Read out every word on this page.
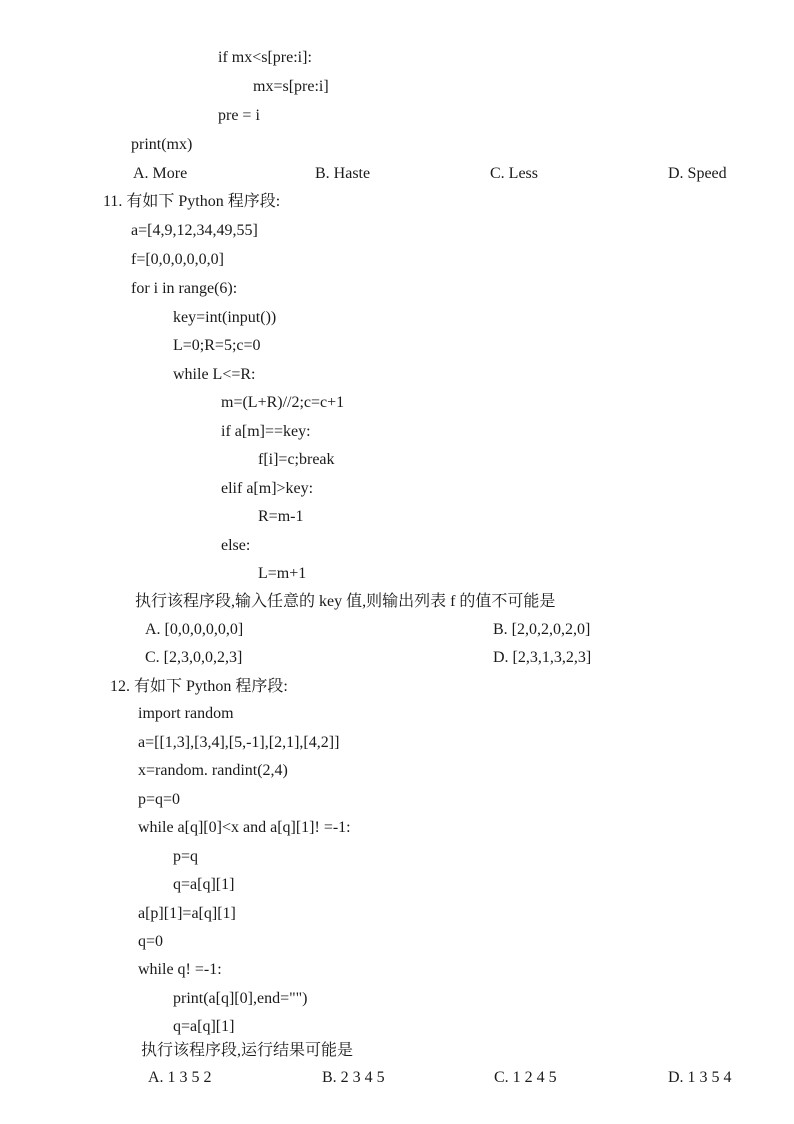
if mx<s[pre:i]:
mx=s[pre:i]
pre = i
print(mx)
A. More	B. Haste	C. Less	D. Speed
11. 有如下 Python 程序段:
a=[4,9,12,34,49,55]
f=[0,0,0,0,0,0]
for i in range(6):
key=int(input())
L=0;R=5;c=0
while L<=R:
m=(L+R)//2;c=c+1
if a[m]==key:
f[i]=c;break
elif a[m]>key:
R=m-1
else:
L=m+1
执行该程序段,输入任意的 key 值,则输出列表 f 的值不可能是
A. [0,0,0,0,0,0]	B. [2,0,2,0,2,0]
C. [2,3,0,0,2,3]	D. [2,3,1,3,2,3]
12. 有如下 Python 程序段:
import random
a=[[1,3],[3,4],[5,-1],[2,1],[4,2]]
x=random. randint(2,4)
p=q=0
while a[q][0]<x and a[q][1]! =-1:
p=q
q=a[q][1]
a[p][1]=a[q][1]
q=0
while q! =-1:
print(a[q][0],end="")
q=a[q][1]
执行该程序段,运行结果可能是
A. 1 3 5 2	B. 2 3 4 5	C. 1 2 4 5	D. 1 3 5 4
